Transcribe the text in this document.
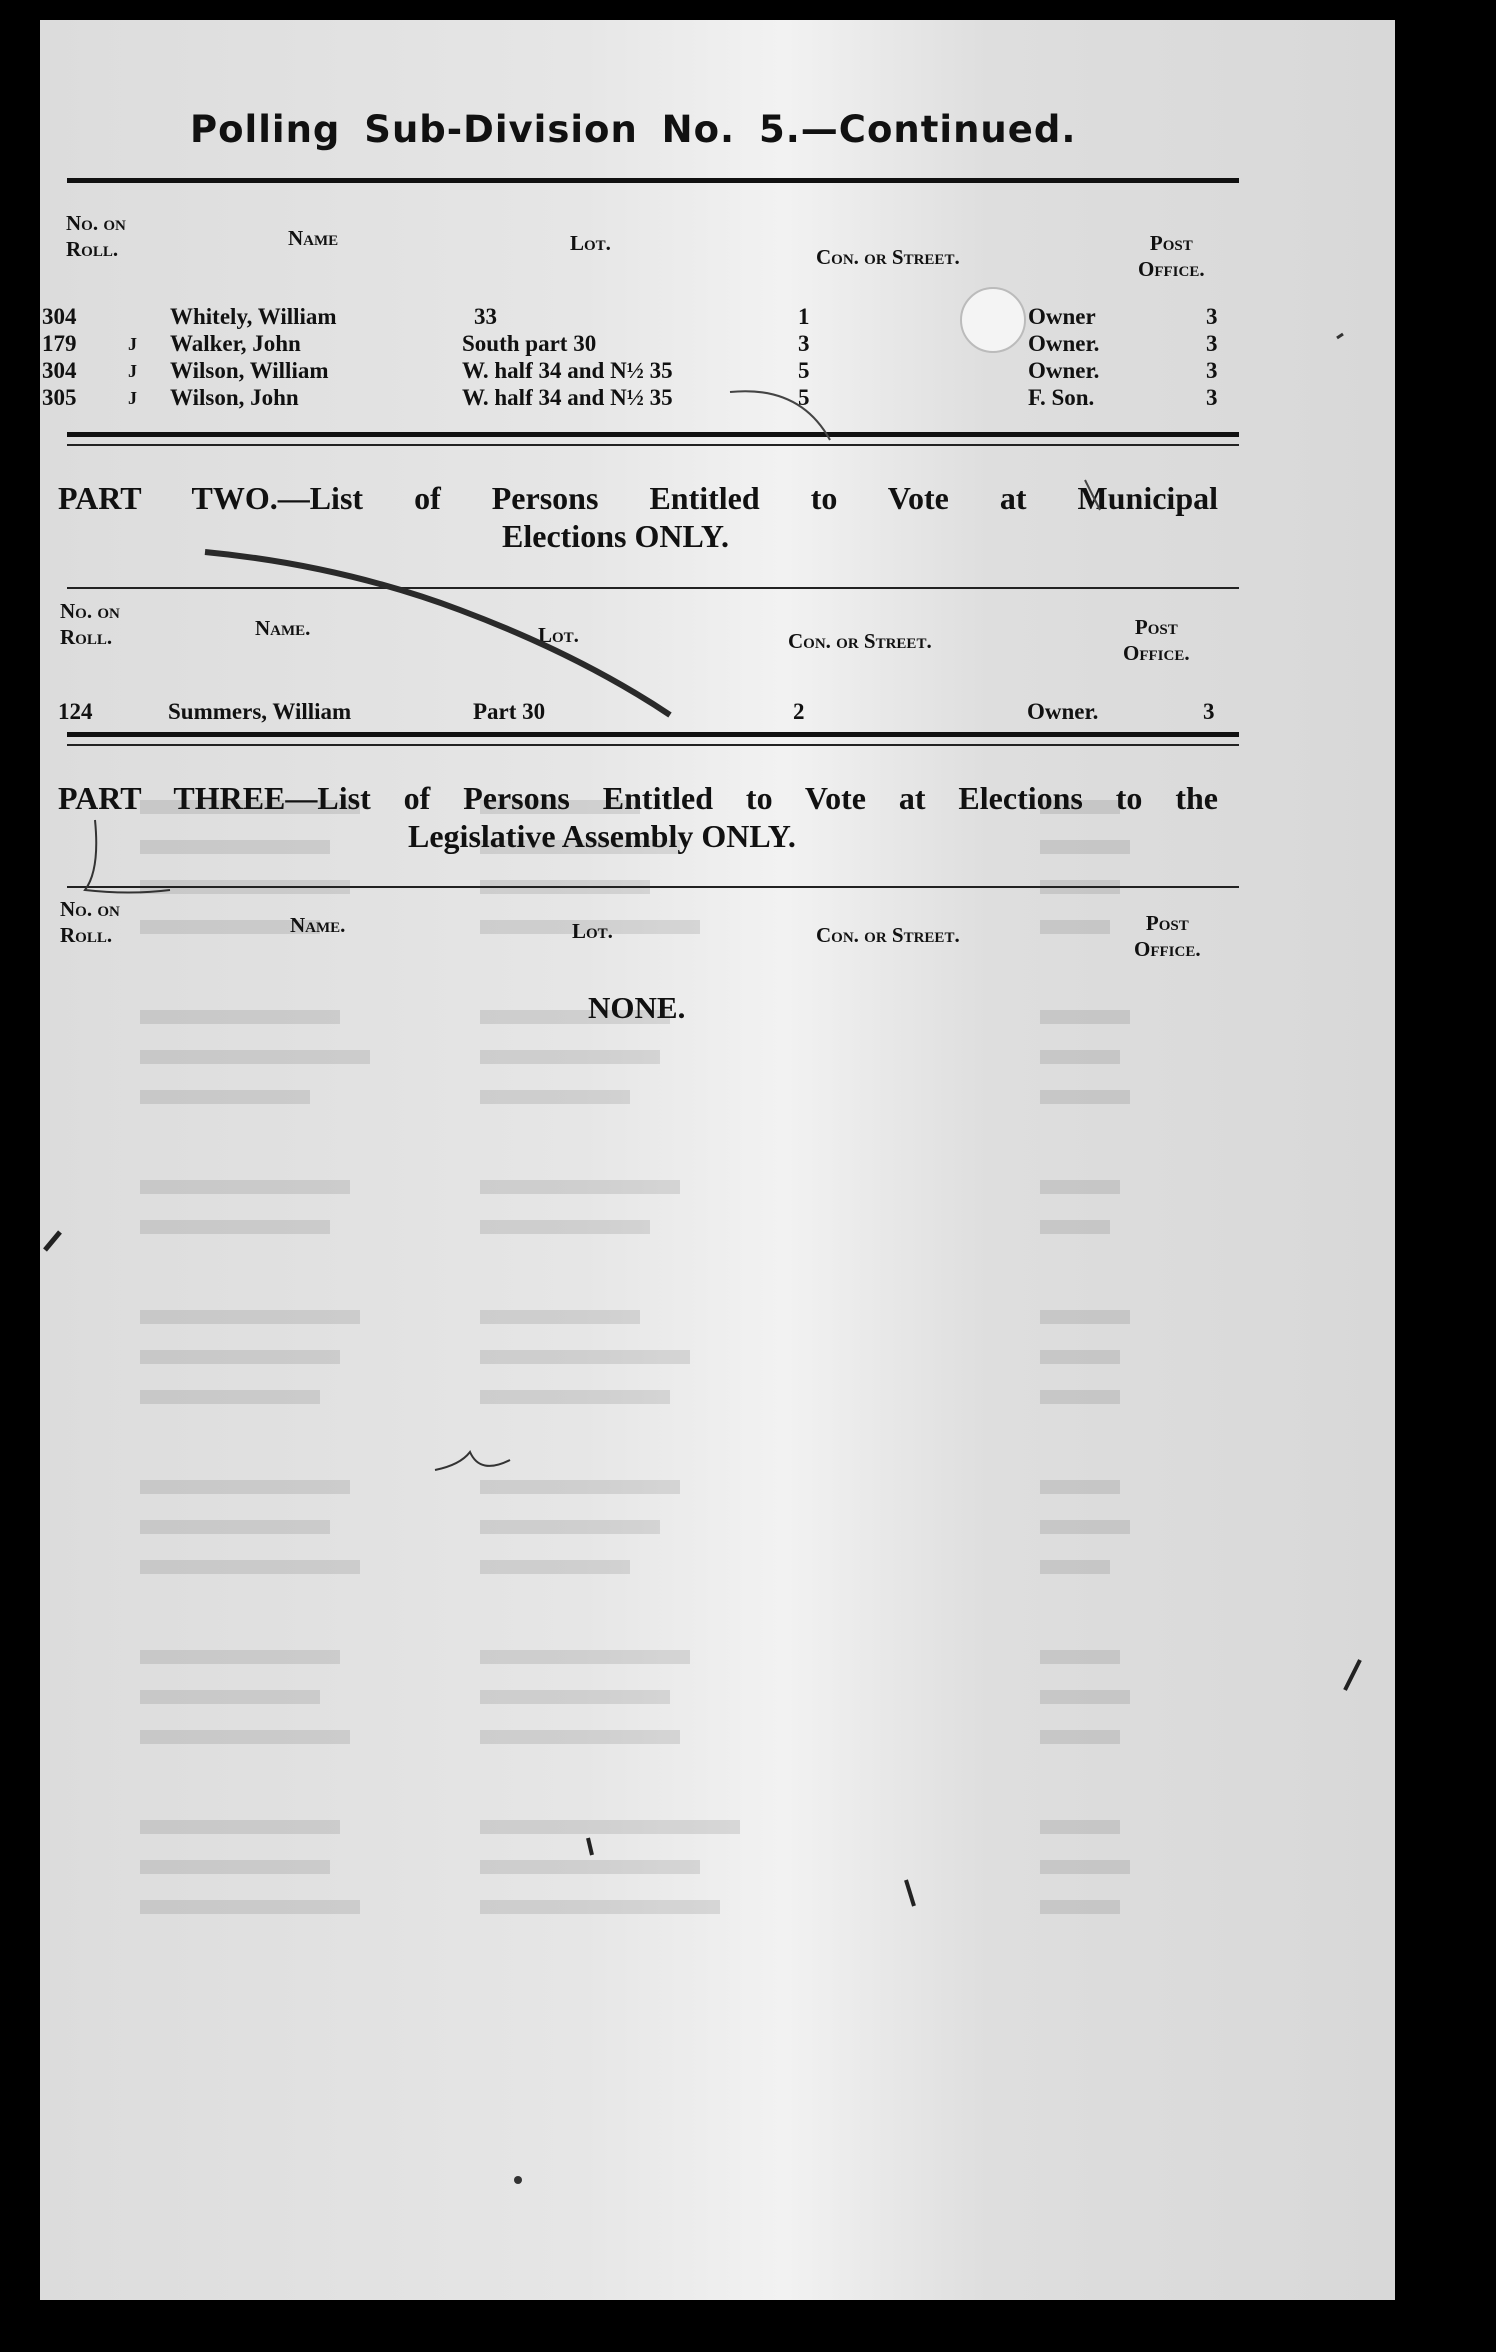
Polling Sub-Division No. 5.—Continued.
No. on
Roll.	Name	Lot.
Con. or Street.
Post
Office.
304	Whitely, William	33	1	Owner	3
179	J Walker, John	South part 30	3	Owner.	3
304	J Wilson, William	W. half 34 and N½ 35	5	Owner.	3
305	J Wilson, John	W. half 34 and N½ 35	5	F. Son.	3
PART TWO.—List of Persons Entitled to Vote at Municipal
Elections ONLY.
No. on
Roll.	Name.	Lot.	Con. or Street.
Post
Office.
124	Summers, William	Part 30	2	Owner.	3
PART THREE—List of Persons Entitled to Vote at Elections to the
Legislative Assembly ONLY.
No. on
Roll.	Name.	Lot.	Con. or Street.	Post
Office.
NONE.
